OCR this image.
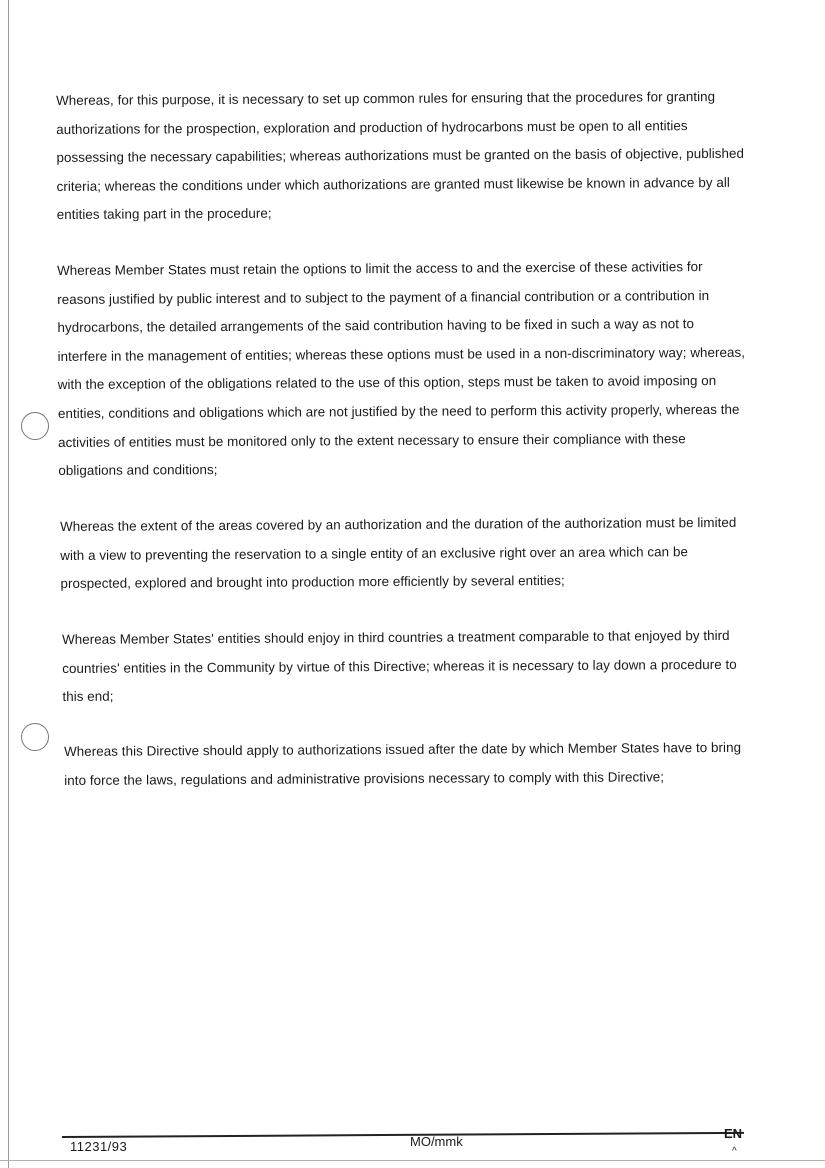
Whereas, for this purpose, it is necessary to set up common rules for ensuring that the procedures for granting authorizations for the prospection, exploration and production of hydrocarbons must be open to all entities possessing the necessary capabilities; whereas authorizations must be granted on the basis of objective, published criteria; whereas the conditions under which authorizations are granted must likewise be known in advance by all entities taking part in the procedure;

Whereas Member States must retain the options to limit the access to and the exercise of these activities for reasons justified by public interest and to subject to the payment of a financial contribution or a contribution in hydrocarbons, the detailed arrangements of the said contribution having to be fixed in such a way as not to interfere in the management of entities; whereas these options must be used in a non-discriminatory way; whereas, with the exception of the obligations related to the use of this option, steps must be taken to avoid imposing on entities, conditions and obligations which are not justified by the need to perform this activity properly, whereas the activities of entities must be monitored only to the extent necessary to ensure their compliance with these obligations and conditions;

Whereas the extent of the areas covered by an authorization and the duration of the authorization must be limited with a view to preventing the reservation to a single entity of an exclusive right over an area which can be prospected, explored and brought into production more efficiently by several entities;

Whereas Member States' entities should enjoy in third countries a treatment comparable to that enjoyed by third countries' entities in the Community by virtue of this Directive; whereas it is necessary to lay down a procedure to this end;

Whereas this Directive should apply to authorizations issued after the date by which Member States have to bring into force the laws, regulations and administrative provisions necessary to comply with this Directive;

11231/93	MO/mmk
EN
^
